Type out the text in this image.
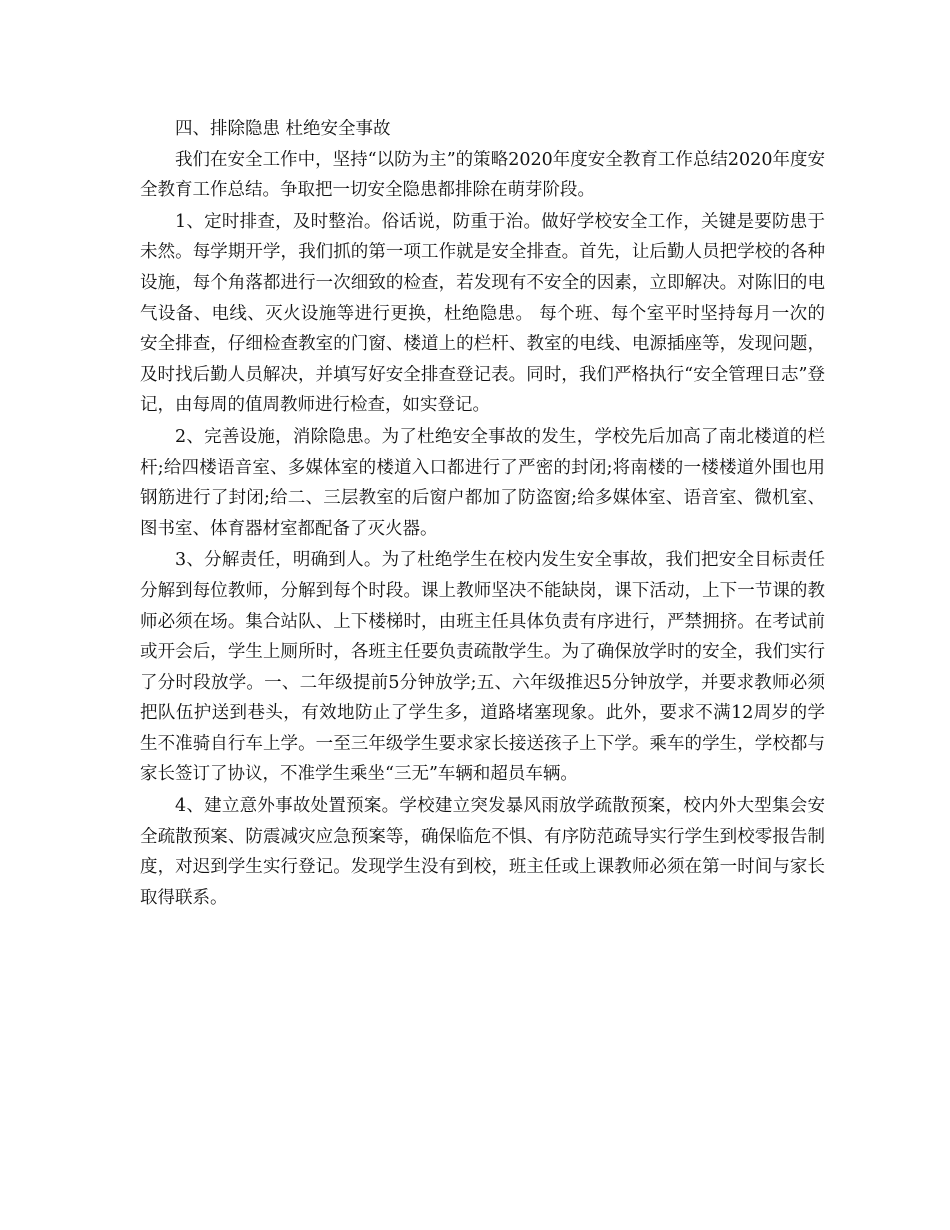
四、排除隐患 杜绝安全事故

我们在安全工作中，坚持“以防为主”的策略2020年度安全教育工作总结2020年度安全教育工作总结。争取把一切安全隐患都排除在萌芽阶段。

1、定时排查，及时整治。俗话说，防重于治。做好学校安全工作，关键是要防患于未然。每学期开学，我们抓的第一项工作就是安全排查。首先，让后勤人员把学校的各种设施，每个角落都进行一次细致的检查，若发现有不安全的因素，立即解决。对陈旧的电气设备、电线、灭火设施等进行更换，杜绝隐患。 每个班、每个室平时坚持每月一次的安全排查，仔细检查教室的门窗、楼道上的栏杆、教室的电线、电源插座等，发现问题，及时找后勤人员解决，并填写好安全排查登记表。同时，我们严格执行“安全管理日志”登记，由每周的值周教师进行检查，如实登记。

2、完善设施，消除隐患。为了杜绝安全事故的发生，学校先后加高了南北楼道的栏杆;给四楼语音室、多媒体室的楼道入口都进行了严密的封闭;将南楼的一楼楼道外围也用钢筋进行了封闭;给二、三层教室的后窗户都加了防盗窗;给多媒体室、语音室、微机室、图书室、体育器材室都配备了灭火器。

3、分解责任，明确到人。为了杜绝学生在校内发生安全事故，我们把安全目标责任分解到每位教师，分解到每个时段。课上教师坚决不能缺岗，课下活动，上下一节课的教师必须在场。集合站队、上下楼梯时，由班主任具体负责有序进行，严禁拥挤。在考试前或开会后，学生上厕所时，各班主任要负责疏散学生。为了确保放学时的安全，我们实行了分时段放学。一、二年级提前5分钟放学;五、六年级推迟5分钟放学，并要求教师必须把队伍护送到巷头，有效地防止了学生多，道路堵塞现象。此外，要求不满12周岁的学生不准骑自行车上学。一至三年级学生要求家长接送孩子上下学。乘车的学生，学校都与家长签订了协议，不准学生乘坐“三无”车辆和超员车辆。

4、建立意外事故处置预案。学校建立突发暴风雨放学疏散预案，校内外大型集会安全疏散预案、防震减灾应急预案等，确保临危不惧、有序防范疏导实行学生到校零报告制度，对迟到学生实行登记。发现学生没有到校，班主任或上课教师必须在第一时间与家长取得联系。
